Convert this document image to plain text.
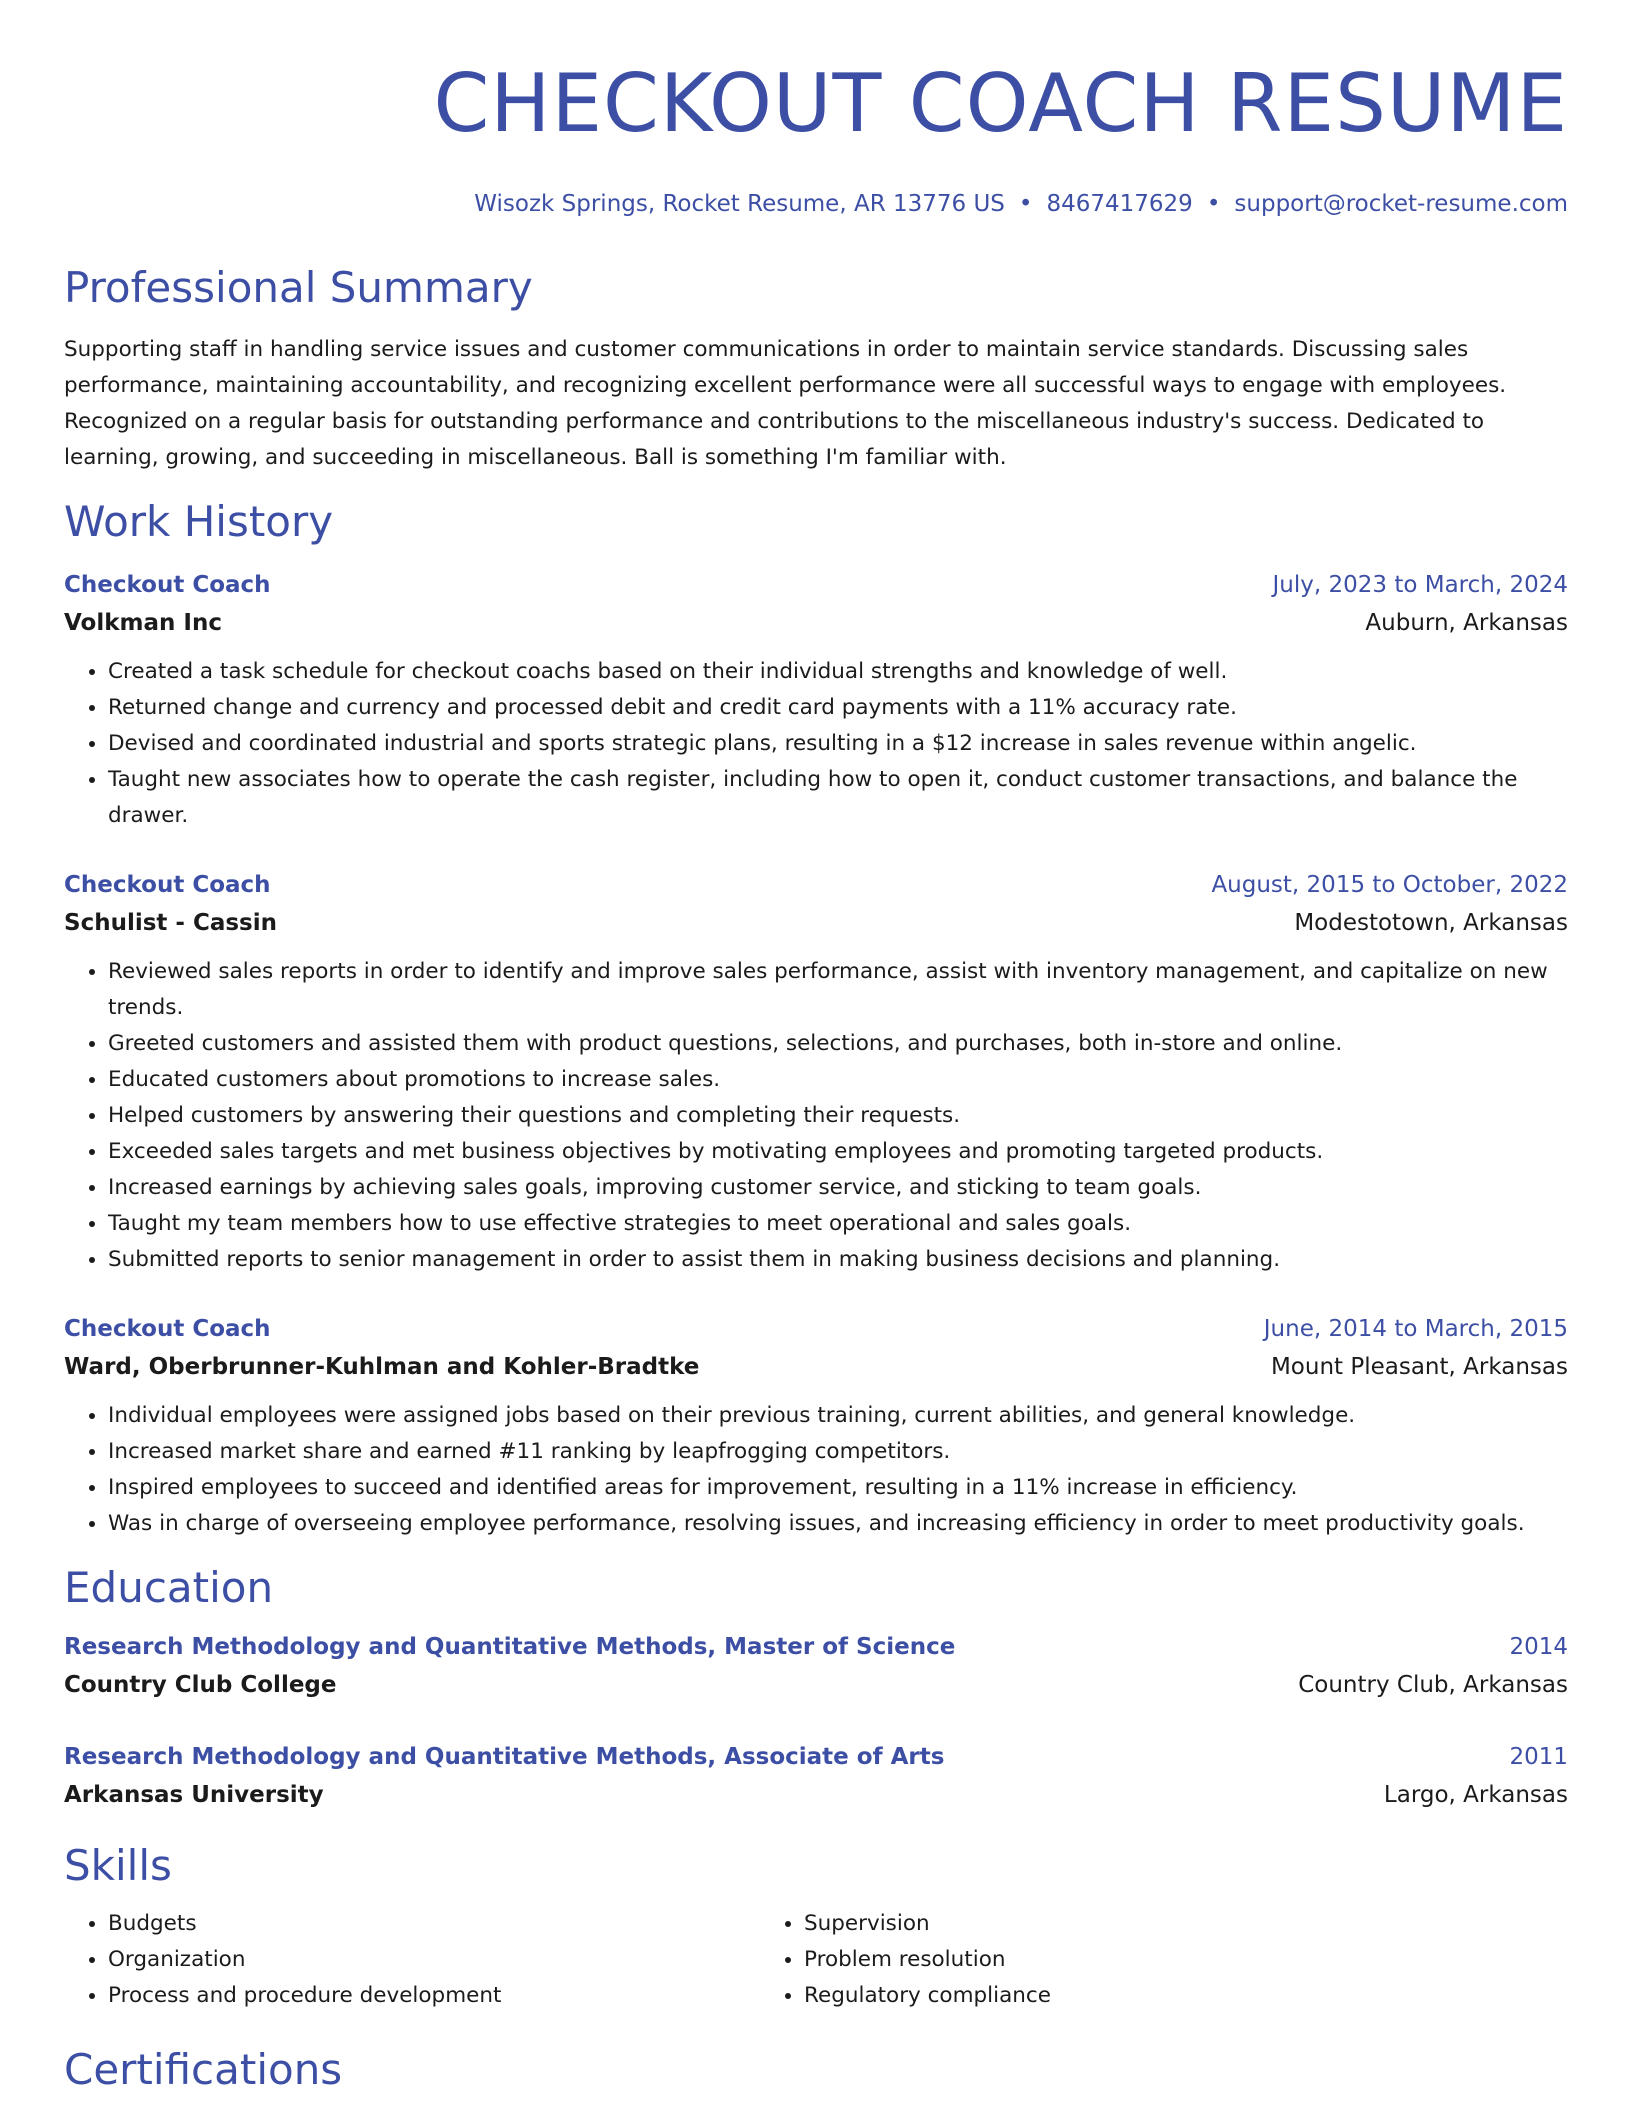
CHECKOUT COACH RESUME
Wisozk Springs, Rocket Resume, AR 13776 US • 8467417629 • support@rocket-resume.com
Professional Summary

Supporting staff in handling service issues and customer communications in order to maintain service standards. Discussing sales performance, maintaining accountability, and recognizing excellent performance were all successful ways to engage with employees. Recognized on a regular basis for outstanding performance and contributions to the miscellaneous industry's success. Dedicated to learning, growing, and succeeding in miscellaneous. Ball is something I'm familiar with.

Work History
Checkout Coach	July, 2023 to March, 2024
Volkman Inc	Auburn, Arkansas
• Created a task schedule for checkout coachs based on their individual strengths and knowledge of well.
• Returned change and currency and processed debit and credit card payments with a 11% accuracy rate.
• Devised and coordinated industrial and sports strategic plans, resulting in a $12 increase in sales revenue within angelic.
• Taught new associates how to operate the cash register, including how to open it, conduct customer transactions, and balance the drawer.
Checkout Coach	August, 2015 to October, 2022
Schulist - Cassin	Modestotown, Arkansas
• Reviewed sales reports in order to identify and improve sales performance, assist with inventory management, and capitalize on new trends.
• Greeted customers and assisted them with product questions, selections, and purchases, both in-store and online.
• Educated customers about promotions to increase sales.
• Helped customers by answering their questions and completing their requests.
• Exceeded sales targets and met business objectives by motivating employees and promoting targeted products.
• Increased earnings by achieving sales goals, improving customer service, and sticking to team goals.
• Taught my team members how to use effective strategies to meet operational and sales goals.
• Submitted reports to senior management in order to assist them in making business decisions and planning.
Checkout Coach	June, 2014 to March, 2015
Ward, Oberbrunner-Kuhlman and Kohler-Bradtke	Mount Pleasant, Arkansas
• Individual employees were assigned jobs based on their previous training, current abilities, and general knowledge.
• Increased market share and earned #11 ranking by leapfrogging competitors.
• Inspired employees to succeed and identified areas for improvement, resulting in a 11% increase in efficiency.
• Was in charge of overseeing employee performance, resolving issues, and increasing efficiency in order to meet productivity goals.
Education
Research Methodology and Quantitative Methods, Master of Science	2014
Country Club College	Country Club, Arkansas
Research Methodology and Quantitative Methods, Associate of Arts	2011
Arkansas University	Largo, Arkansas
Skills
• Budgets
• Organization
• Process and procedure development
• Supervision
• Problem resolution
• Regulatory compliance
Certifications
